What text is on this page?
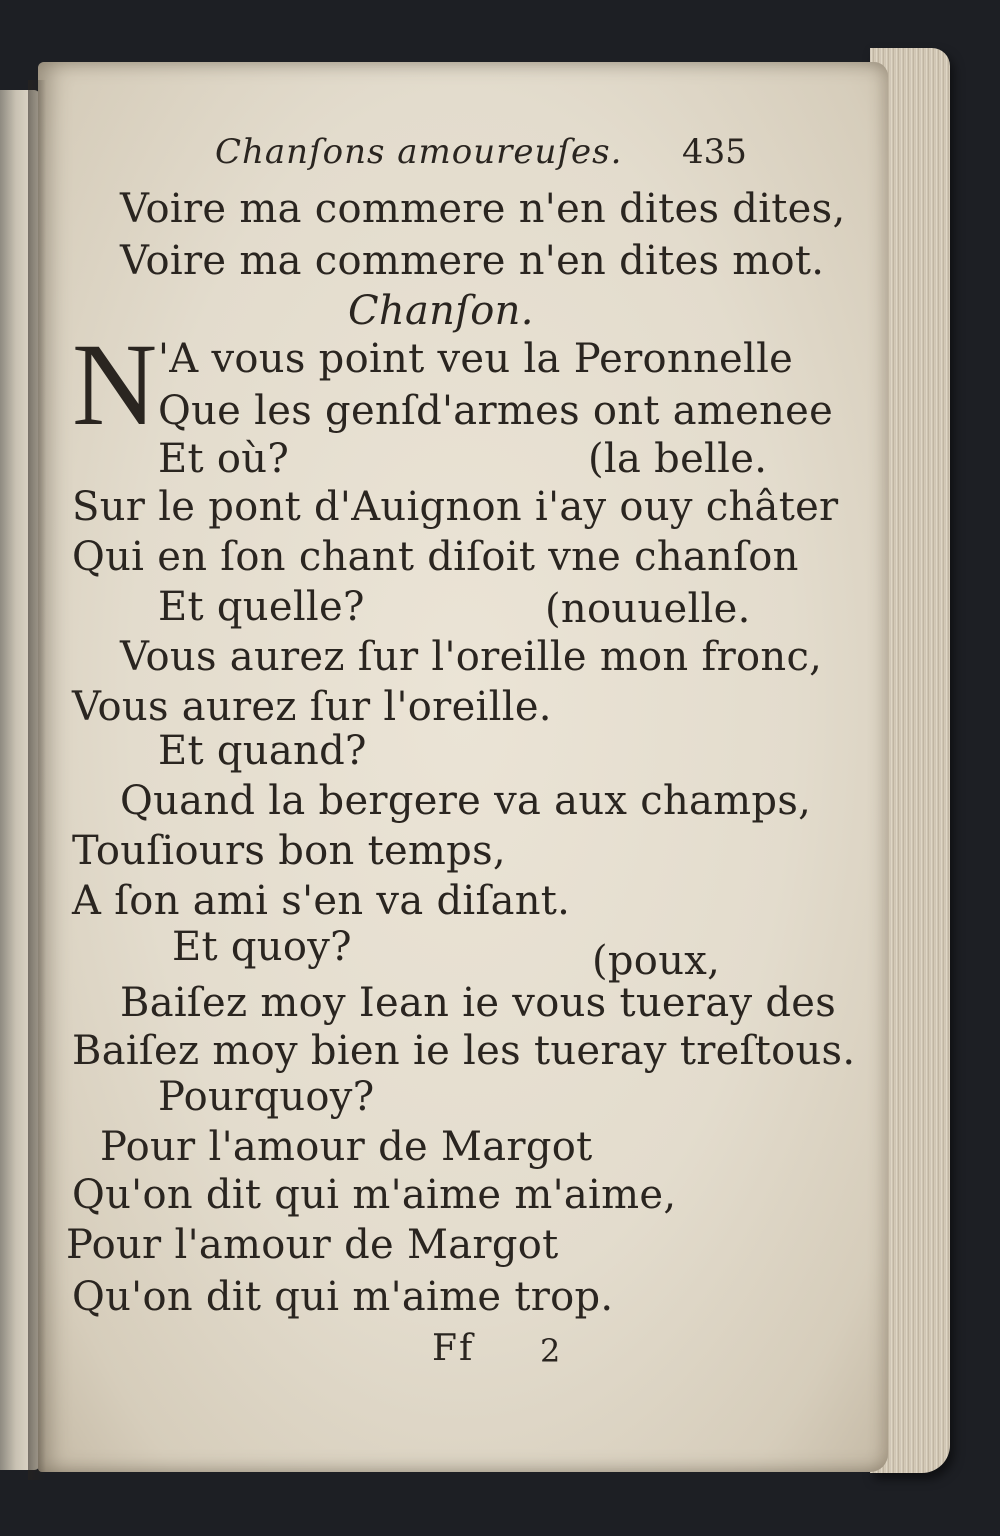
Chanſons amoureuſes. 435
Voire ma commere n'en dites dites,
Voire ma commere n'en dites mot.
Chanſon.
N 'A vous point veu la Peronnelle
Que les genſd'armes ont amenee
Et où?	(la belle.
Sur le pont d'Auignon i'ay ouy châter
Qui en ſon chant diſoit vne chanſon
Et quelle?	(nouuelle.
Vous aurez ſur l'oreille mon fronc,
Vous aurez ſur l'oreille.
Et quand?
Quand la bergere va aux champs,
Touſiours bon temps,
A ſon ami s'en va diſant.
Et quoy?	(poux,
Baiſez moy Iean ie vous tueray des
Baiſez moy bien ie les tueray treſtous.
Pourquoy?
Pour l'amour de Margot
Qu'on dit qui m'aime m'aime,
Pour l'amour de Margot
Qu'on dit qui m'aime trop.
Ff 2
